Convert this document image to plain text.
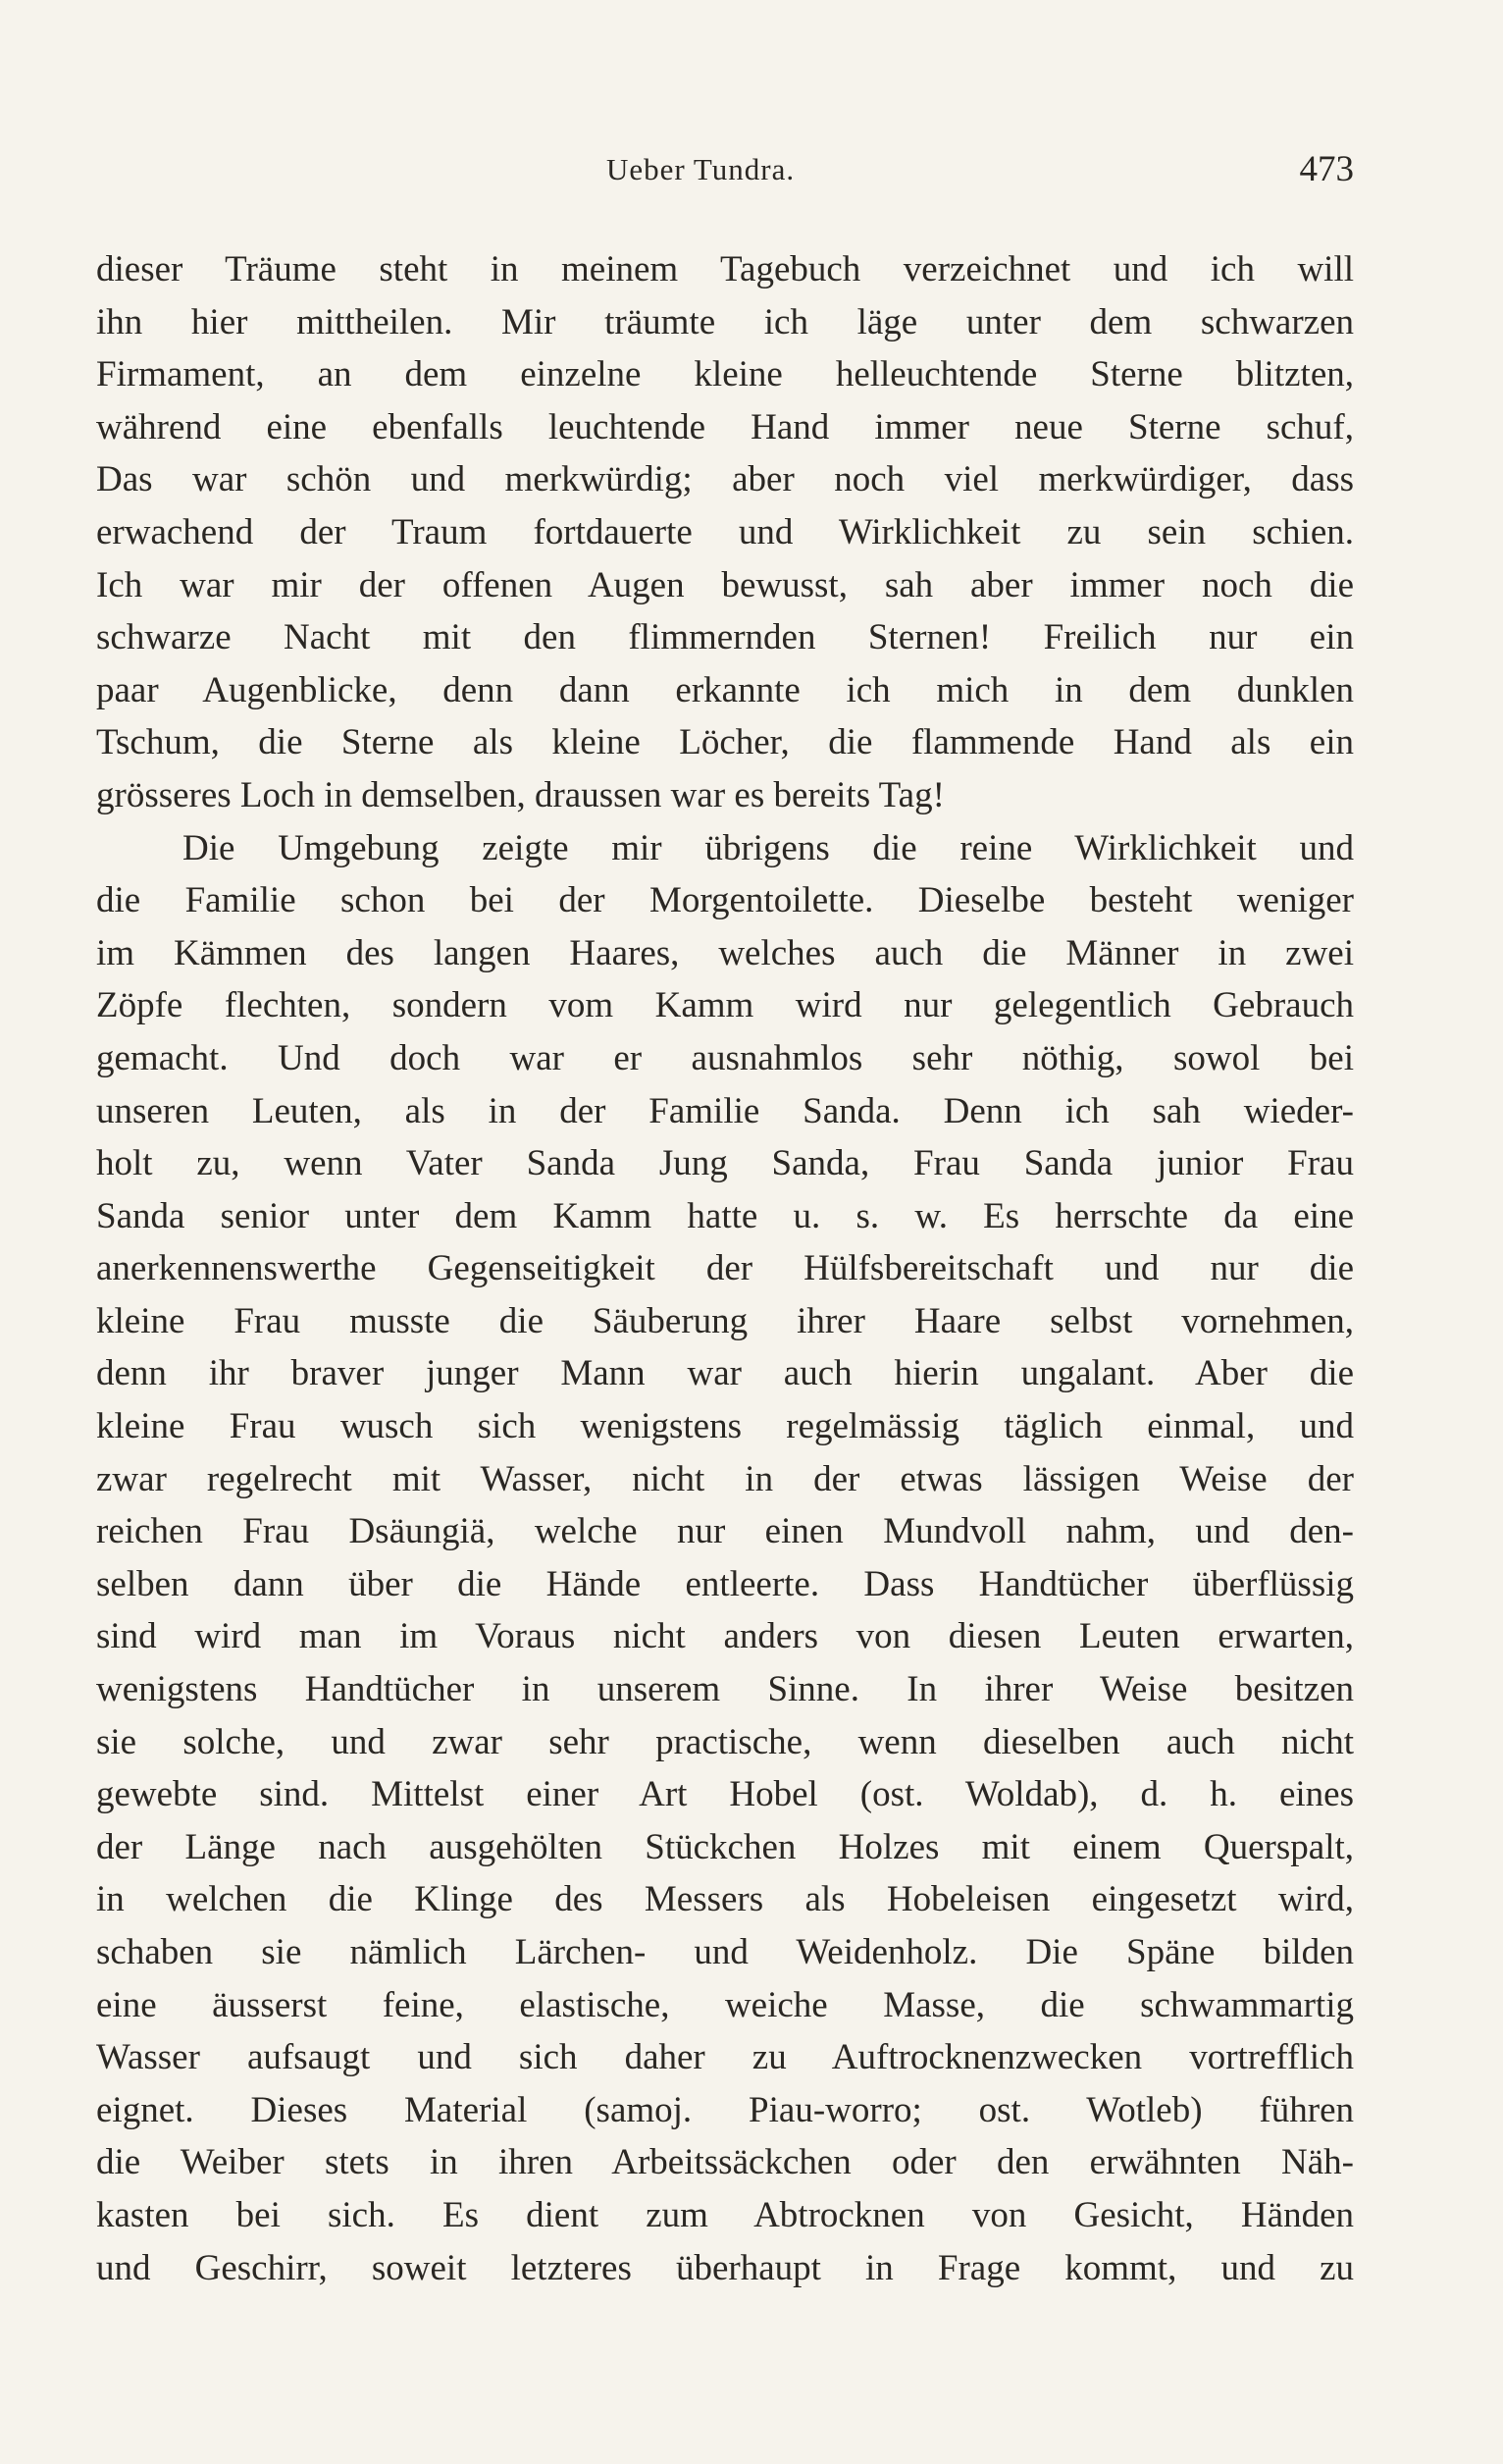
Ueber Tundra.	473
dieser Träume steht in meinem Tagebuch verzeichnet und ich will
ihn hier mittheilen. Mir träumte ich läge unter dem schwarzen
Firmament, an dem einzelne kleine helleuchtende Sterne blitzten,
während eine ebenfalls leuchtende Hand immer neue Sterne schuf,
Das war schön und merkwürdig; aber noch viel merkwürdiger, dass
erwachend der Traum fortdauerte und Wirklichkeit zu sein schien.
Ich war mir der offenen Augen bewusst, sah aber immer noch die
schwarze Nacht mit den flimmernden Sternen! Freilich nur ein
paar Augenblicke, denn dann erkannte ich mich in dem dunklen
Tschum, die Sterne als kleine Löcher, die flammende Hand als ein
grösseres Loch in demselben, draussen war es bereits Tag!
Die Umgebung zeigte mir übrigens die reine Wirklichkeit und
die Familie schon bei der Morgentoilette. Dieselbe besteht weniger
im Kämmen des langen Haares, welches auch die Männer in zwei
Zöpfe flechten, sondern vom Kamm wird nur gelegentlich Gebrauch
gemacht. Und doch war er ausnahmlos sehr nöthig, sowol bei
unseren Leuten, als in der Familie Sanda. Denn ich sah wieder-
holt zu, wenn Vater Sanda Jung Sanda, Frau Sanda junior Frau
Sanda senior unter dem Kamm hatte u. s. w. Es herrschte da eine
anerkennenswerthe Gegenseitigkeit der Hülfsbereitschaft und nur die
kleine Frau musste die Säuberung ihrer Haare selbst vornehmen,
denn ihr braver junger Mann war auch hierin ungalant. Aber die
kleine Frau wusch sich wenigstens regelmässig täglich einmal, und
zwar regelrecht mit Wasser, nicht in der etwas lässigen Weise der
reichen Frau Dsäungiä, welche nur einen Mundvoll nahm, und den-
selben dann über die Hände entleerte. Dass Handtücher überflüssig
sind wird man im Voraus nicht anders von diesen Leuten erwarten,
wenigstens Handtücher in unserem Sinne. In ihrer Weise besitzen
sie solche, und zwar sehr practische, wenn dieselben auch nicht
gewebte sind. Mittelst einer Art Hobel (ost. Woldab), d. h. eines
der Länge nach ausgehölten Stückchen Holzes mit einem Querspalt,
in welchen die Klinge des Messers als Hobeleisen eingesetzt wird,
schaben sie nämlich Lärchen- und Weidenholz. Die Späne bilden
eine äusserst feine, elastische, weiche Masse, die schwammartig
Wasser aufsaugt und sich daher zu Auftrocknenzwecken vortrefflich
eignet. Dieses Material (samoj. Piau-worro; ost. Wotleb) führen
die Weiber stets in ihren Arbeitssäckchen oder den erwähnten Näh-
kasten bei sich. Es dient zum Abtrocknen von Gesicht, Händen
und Geschirr, soweit letzteres überhaupt in Frage kommt, und zu
